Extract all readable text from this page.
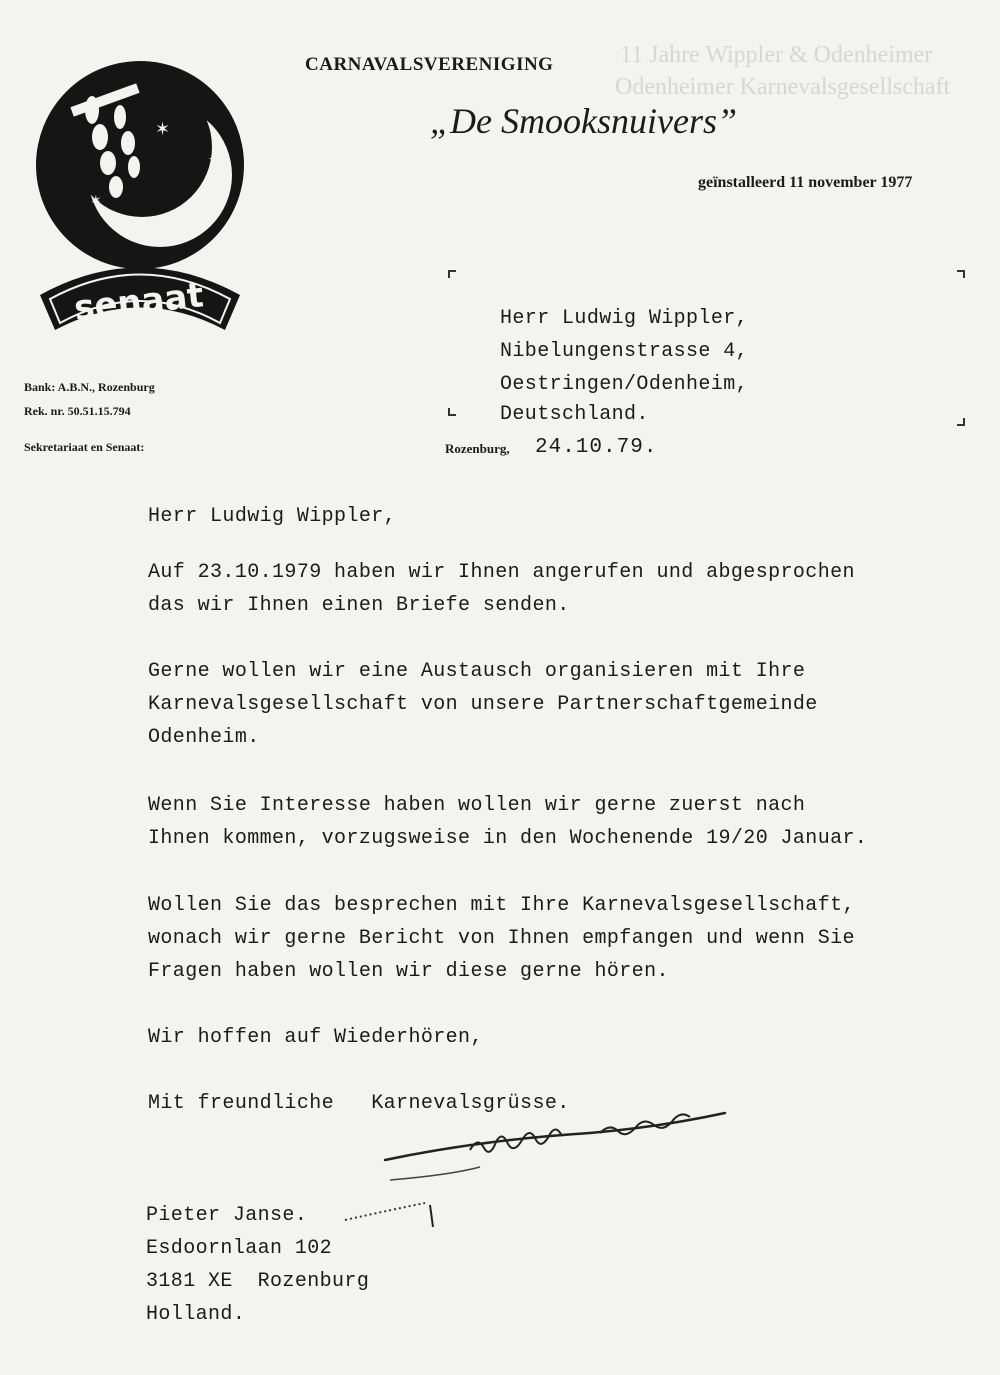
11 Jahre Wippler & Odenheimer
Odenheimer Karnevalsgesellschaft
✶
✶
✦
senaat
CARNAVALSVERENIGING
„De Smooksnuivers”
geïnstalleerd 11 november 1977
Bank: A.B.N., Rozenburg
Rek. nr. 50.51.15.794
Sekretariaat en Senaat:
Herr Ludwig Wippler,
Nibelungenstrasse 4,
Oestringen/Odenheim,
Deutschland.
Rozenburg, 24.10.79.
Herr Ludwig Wippler,
Auf 23.10.1979 haben wir Ihnen angerufen und abgesprochen
das wir Ihnen einen Briefe senden.
Gerne wollen wir eine Austausch organisieren mit Ihre
Karnevalsgesellschaft von unsere Partnerschaftgemeinde
Odenheim.
Wenn Sie Interesse haben wollen wir gerne zuerst nach
Ihnen kommen, vorzugsweise in den Wochenende 19/20 Januar.
Wollen Sie das besprechen mit Ihre Karnevalsgesellschaft,
wonach wir gerne Bericht von Ihnen empfangen und wenn Sie
Fragen haben wollen wir diese gerne hören.
Wir hoffen auf Wiederhören,
Mit freundliche   Karnevalsgrüsse.
Pieter Janse.
Esdoornlaan 102
3181 XE  Rozenburg
Holland.
